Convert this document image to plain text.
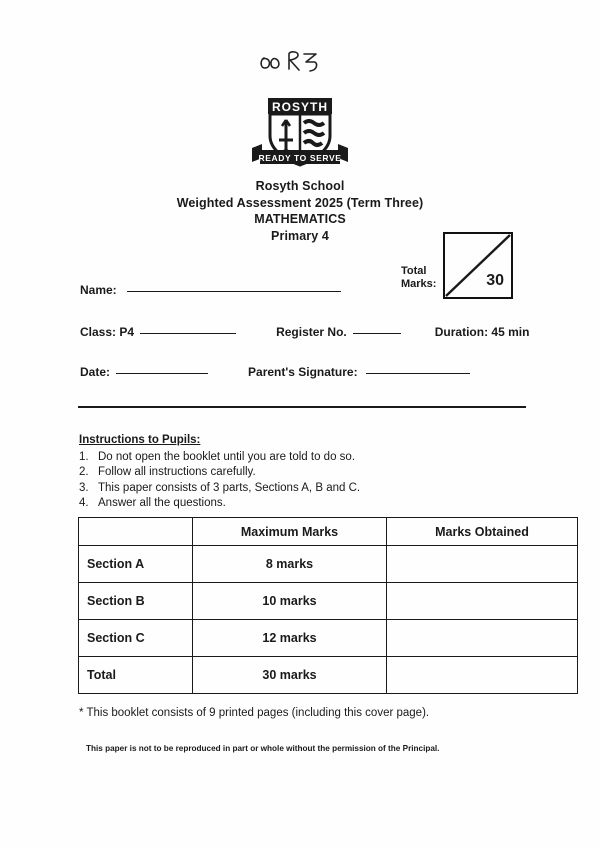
ROSYTH
READY TO SERVE
Rosyth School
Weighted Assessment 2025 (Term Three)
MATHEMATICS
Primary 4
Total
Marks:	30
Name:
Class: P4	Register No.	Duration: 45 min
Date:	Parent's Signature:
Instructions to Pupils:
1. Do not open the booklet until you are told to do so.
2. Follow all instructions carefully.
3. This paper consists of 3 parts, Sections A, B and C.
4. Answer all the questions.
	Maximum Marks	Marks Obtained
Section A	8 marks	
Section B	10 marks	
Section C	12 marks	
Total	30 marks	
* This booklet consists of 9 printed pages (including this cover page).
This paper is not to be reproduced in part or whole without the permission of the Principal.
